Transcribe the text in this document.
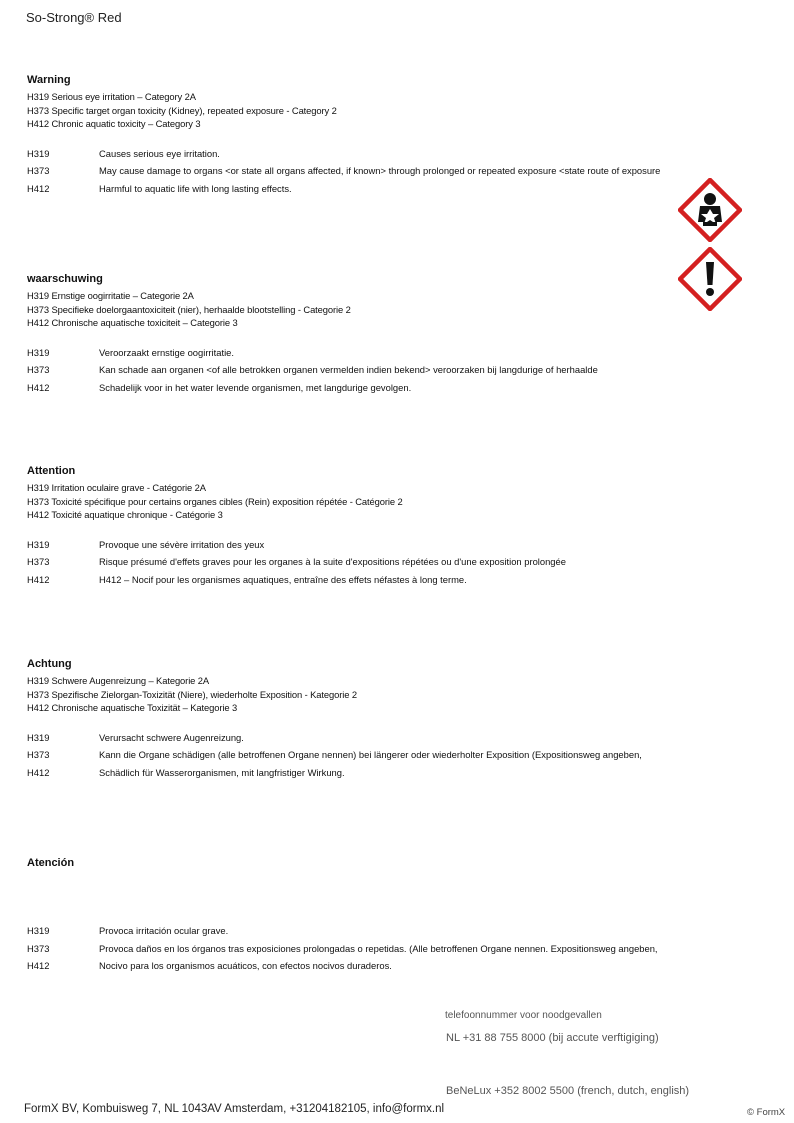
So-Strong® Red
Warning
H319 Serious eye irritation – Category 2A
H373 Specific target organ toxicity (Kidney), repeated exposure - Category 2
H412 Chronic aquatic toxicity – Category 3
H319	Causes serious eye irritation.
H373	May cause damage to organs <or state all organs affected, if known> through prolonged or repeated exposure <state route of exposure
H412	Harmful to aquatic life with long lasting effects.
waarschuwing
H319 Ernstige oogirritatie – Categorie 2A
H373 Specifieke doelorgaantoxiciteit (nier), herhaalde blootstelling - Categorie 2
H412 Chronische aquatische toxiciteit – Categorie 3
H319	Veroorzaakt ernstige oogirritatie.
H373	Kan schade aan organen <of alle betrokken organen vermelden indien bekend> veroorzaken bij langdurige of herhaalde
H412	Schadelijk voor in het water levende organismen, met langdurige gevolgen.
Attention
H319 Irritation oculaire grave - Catégorie 2A
H373 Toxicité spécifique pour certains organes cibles (Rein) exposition répétée - Catégorie 2
H412 Toxicité aquatique chronique - Catégorie 3
H319	Provoque une sévère irritation des yeux
H373	Risque présumé d'effets graves pour les organes à la suite d'expositions répétées ou d'une exposition prolongée
H412	H412 – Nocif pour les organismes aquatiques, entraîne des effets néfastes à long terme.
Achtung
H319 Schwere Augenreizung – Kategorie 2A
H373 Spezifische Zielorgan-Toxizität (Niere), wiederholte Exposition - Kategorie 2
H412 Chronische aquatische Toxizität – Kategorie 3
H319	Verursacht schwere Augenreizung.
H373	Kann die Organe schädigen (alle betroffenen Organe nennen) bei längerer oder wiederholter Exposition (Expositionsweg angeben,
H412	Schädlich für Wasserorganismen, mit langfristiger Wirkung.
Atención
H319	Provoca irritación ocular grave.
H373	Provoca daños en los órganos tras exposiciones prolongadas o repetidas. (Alle betroffenen Organe nennen. Expositionsweg angeben,
H412	Nocivo para los organismos acuáticos, con efectos nocivos duraderos.
telefoonnummer voor noodgevallen
NL +31 88 755 8000 (bij accute verftigiging)
BeNeLux +352 8002 5500 (french, dutch, english)
FormX BV, Kombuisweg 7, NL 1043AV Amsterdam, +31204182105, info@formx.nl	© FormX
